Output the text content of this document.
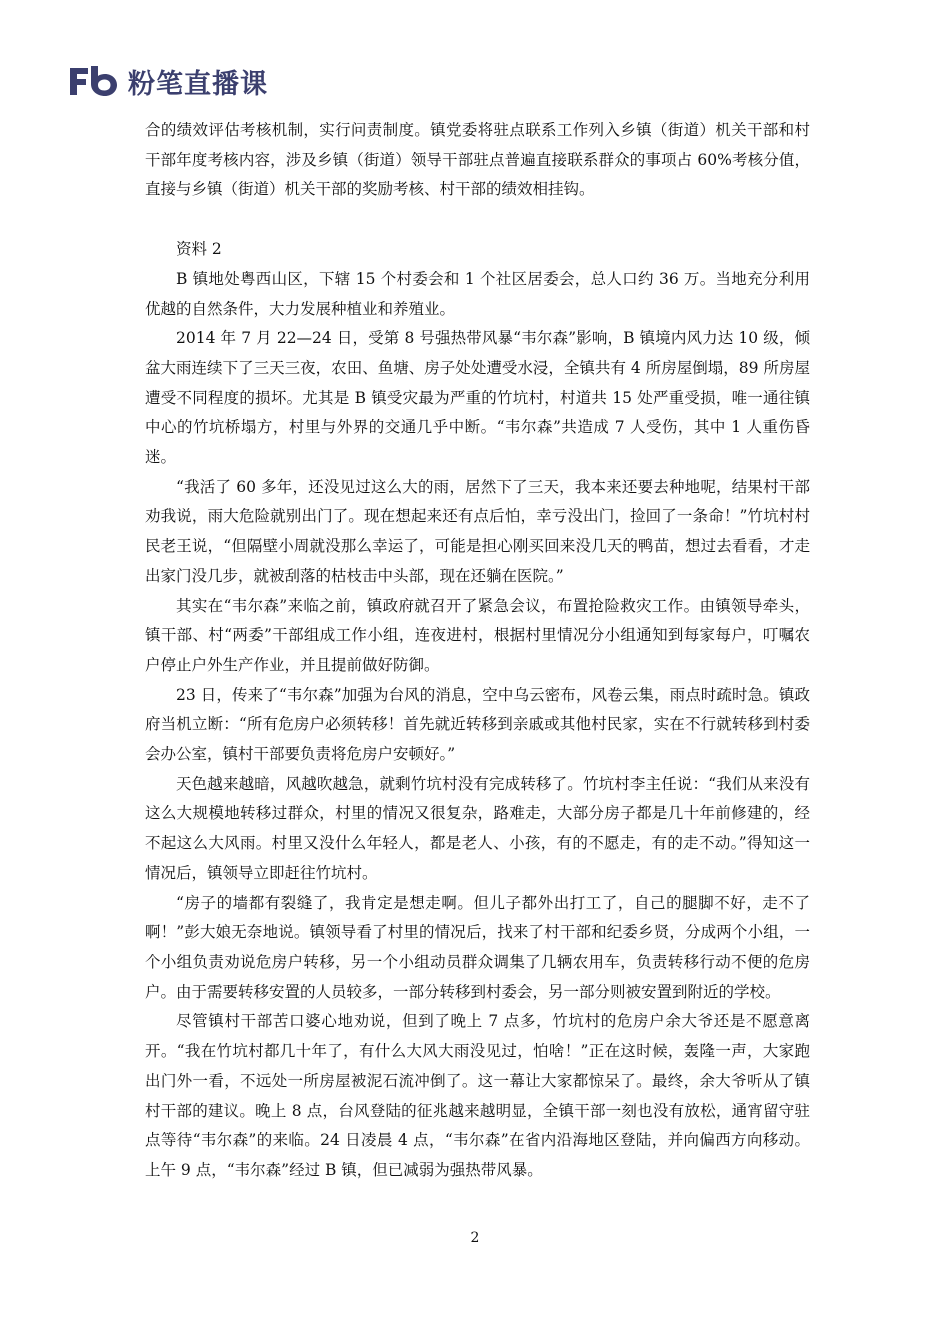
粉笔直播课

合的绩效评估考核机制，实行问责制度。镇党委将驻点联系工作列入乡镇（街道）机关干部和村干部年度考核内容，涉及乡镇（街道）领导干部驻点普遍直接联系群众的事项占 60%考核分值，直接与乡镇（街道）机关干部的奖励考核、村干部的绩效相挂钩。

资料 2

B 镇地处粤西山区，下辖 15 个村委会和 1 个社区居委会，总人口约 36 万。当地充分利用优越的自然条件，大力发展种植业和养殖业。

2014 年 7 月 22—24 日，受第 8 号强热带风暴“韦尔森”影响，B 镇境内风力达 10 级，倾盆大雨连续下了三天三夜，农田、鱼塘、房子处处遭受水浸，全镇共有 4 所房屋倒塌，89 所房屋遭受不同程度的损坏。尤其是 B 镇受灾最为严重的竹坑村，村道共 15 处严重受损，唯一通往镇中心的竹坑桥塌方，村里与外界的交通几乎中断。“韦尔森”共造成 7 人受伤，其中 1 人重伤昏迷。

“我活了 60 多年，还没见过这么大的雨，居然下了三天，我本来还要去种地呢，结果村干部劝我说，雨大危险就别出门了。现在想起来还有点后怕，幸亏没出门，捡回了一条命！”竹坑村村民老王说，“但隔壁小周就没那么幸运了，可能是担心刚买回来没几天的鸭苗，想过去看看，才走出家门没几步，就被刮落的枯枝击中头部，现在还躺在医院。”

其实在“韦尔森”来临之前，镇政府就召开了紧急会议，布置抢险救灾工作。由镇领导牵头，镇干部、村“两委”干部组成工作小组，连夜进村，根据村里情况分小组通知到每家每户，叮嘱农户停止户外生产作业，并且提前做好防御。

23 日，传来了“韦尔森”加强为台风的消息，空中乌云密布，风卷云集，雨点时疏时急。镇政府当机立断：“所有危房户必须转移！首先就近转移到亲戚或其他村民家，实在不行就转移到村委会办公室，镇村干部要负责将危房户安顿好。”

天色越来越暗，风越吹越急，就剩竹坑村没有完成转移了。竹坑村李主任说：“我们从来没有这么大规模地转移过群众，村里的情况又很复杂，路难走，大部分房子都是几十年前修建的，经不起这么大风雨。村里又没什么年轻人，都是老人、小孩，有的不愿走，有的走不动。”得知这一情况后，镇领导立即赶往竹坑村。

“房子的墙都有裂缝了，我肯定是想走啊。但儿子都外出打工了，自己的腿脚不好，走不了啊！”彭大娘无奈地说。镇领导看了村里的情况后，找来了村干部和纪委乡贤，分成两个小组，一个小组负责劝说危房户转移，另一个小组动员群众调集了几辆农用车，负责转移行动不便的危房户。由于需要转移安置的人员较多，一部分转移到村委会，另一部分则被安置到附近的学校。

尽管镇村干部苦口婆心地劝说，但到了晚上 7 点多，竹坑村的危房户余大爷还是不愿意离开。“我在竹坑村都几十年了，有什么大风大雨没见过，怕啥！”正在这时候，轰隆一声，大家跑出门外一看，不远处一所房屋被泥石流冲倒了。这一幕让大家都惊呆了。最终，余大爷听从了镇村干部的建议。晚上 8 点，台风登陆的征兆越来越明显，全镇干部一刻也没有放松，通宵留守驻点等待“韦尔森”的来临。24 日凌晨 4 点，“韦尔森”在省内沿海地区登陆，并向偏西方向移动。上午 9 点，“韦尔森”经过 B 镇，但已减弱为强热带风暴。

2
